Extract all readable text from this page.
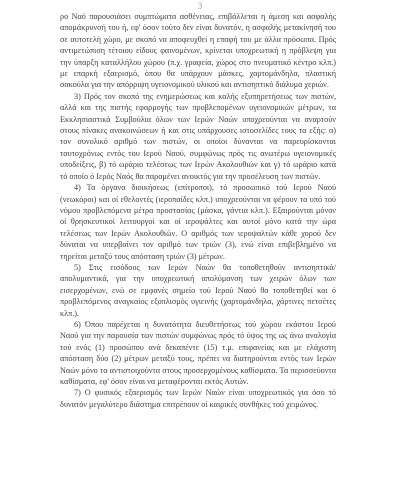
3

ρο Ναό παρουσιάσει συμπτώματα ασθένειας, επιβάλλεται η άμεση και ασφαλής απομάκρυνσή του ή, εφ' όσον τούτο δεν είναι δυνατόν, η ασφαλής μετακίνησή του σε αυτοτελή χώρο, με σκοπό να αποφευχθεί η επαφή του με άλλα πρόσωπα. Πρός αντιμετώπιση τέτοιου είδους φαινομένων, κρίνεται υποχρεωτική η πρόβλεψη για την ύπαρξη καταλλήλου χώρου (π.χ. γραφεία, χώρος στο πνευματικό κέντρο κλπ.) με επαρκή εξαερισμό, όπου θα υπάρχουν μάσκες, χαρτομάνδηλα, πλαστική σακούλα για την απόρριψη υγειονομικού υλικού και αντισηπτικό διάλυμα χεριών.

3) Πρός τον σκοπό της ενημερώσεως και καλής εξυπηρετήσεως των πιστών, αλλά και της πιστής εφαρμογής των προβλεπομένων υγειονομικών μέτρων, τα Εκκλησιαστικά Συμβούλια όλων των Ιερών Ναών υποχρεούνται να αναρτούν στους πίνακες ανακοινώσεων ή και στις υπάρχουσες ιστοσελίδες τους τα εξής: α) τον συνολικό αριθμό των πιστών, οι οποίοι δύνανται να παρευρίσκονται ταυτοχρόνως εντός του Ιερού Ναού, συμφώνως πρός τις ανωτέρω υγειονομικές υποδείξεις, β) τό ωράριο τελέσεως των Ιερών Ακολουθιών και γ) τό ωράριο κατά τό οποίο ό Ιερός Ναός θα παραμένει ανοικτός για την προσέλευση των πιστών.

4) Τα όργανα διοικήσεως (επίτροποι), τό προσωπικό τού Ιερού Ναού (νεωκόροι) και οί εθελοντές (ιεροπαίδες κλπ.) υποχρεούνται να φέρουν τα υπό τού νόμου προβλεπόμενα μέτρα προστασίας (μάσκα, γάντια κλπ.). Εξαιρούνται μόνον οί θρησκευτικοί λειτουργοί και οί ιεροψάλτες και αυτοί μόνο κατά την ώρα τελέσεως των Ιερών Ακολουθιών. Ο αριθμός των ιεροψαλτών κάθε χορού δεν δύναται να υπερβαίνει τον αριθμό των τριών (3), ενώ είναι επιβεβλημένο να τηρείται μεταξύ τους απόσταση τριών (3) μέτρων.

5) Στις εισόδους των Ιερών Ναών θα τοποθετηθούν αντισηπτικά/απολυμαντικά, για την υποχρεωτική απολύμανση των χειρών όλων των εισερχομένων, ενώ σε εμφανές σημείο τού Ιερού Ναού θα τοποθετηθεί και ό προβλεπόμενος αναγκαίος εξοπλισμός υγιεινής (χαρτομάνδηλα, χάρτινες πετσέτες κλπ.).

6) Όπου παρέχεται η δυνατότητα διευθετήσεως τού χώρου εκάστου Ιερού Ναού για την παρουσία των πιστών συμφώνως πρός τό ύψος της ως άνω αναλογία τού ενός (1) προσώπου ανά δεκαπέντε (15) τ.μ. επιφανείας και με ελάχιστη απόσταση δύο (2) μέτρων μεταξύ τους, πρέπει να διατηρούνται εντός των Ιερών Ναών μόνο τα αντιστοιχούντα στους προσερχομένους καθίσματα. Τα περισσεύοντα καθίσματα, εφ' όσον είναι να μεταφέρονται εκτός Αυτών.

7) Ο φυσικός εξαερισμός των Ιερών Ναών είναι υποχρεωτικός για όσο τό δυνατόν μεγαλύτερο διάστημα επιτρέπουν οί καιρικές συνθήκες τού χειμώνος.
